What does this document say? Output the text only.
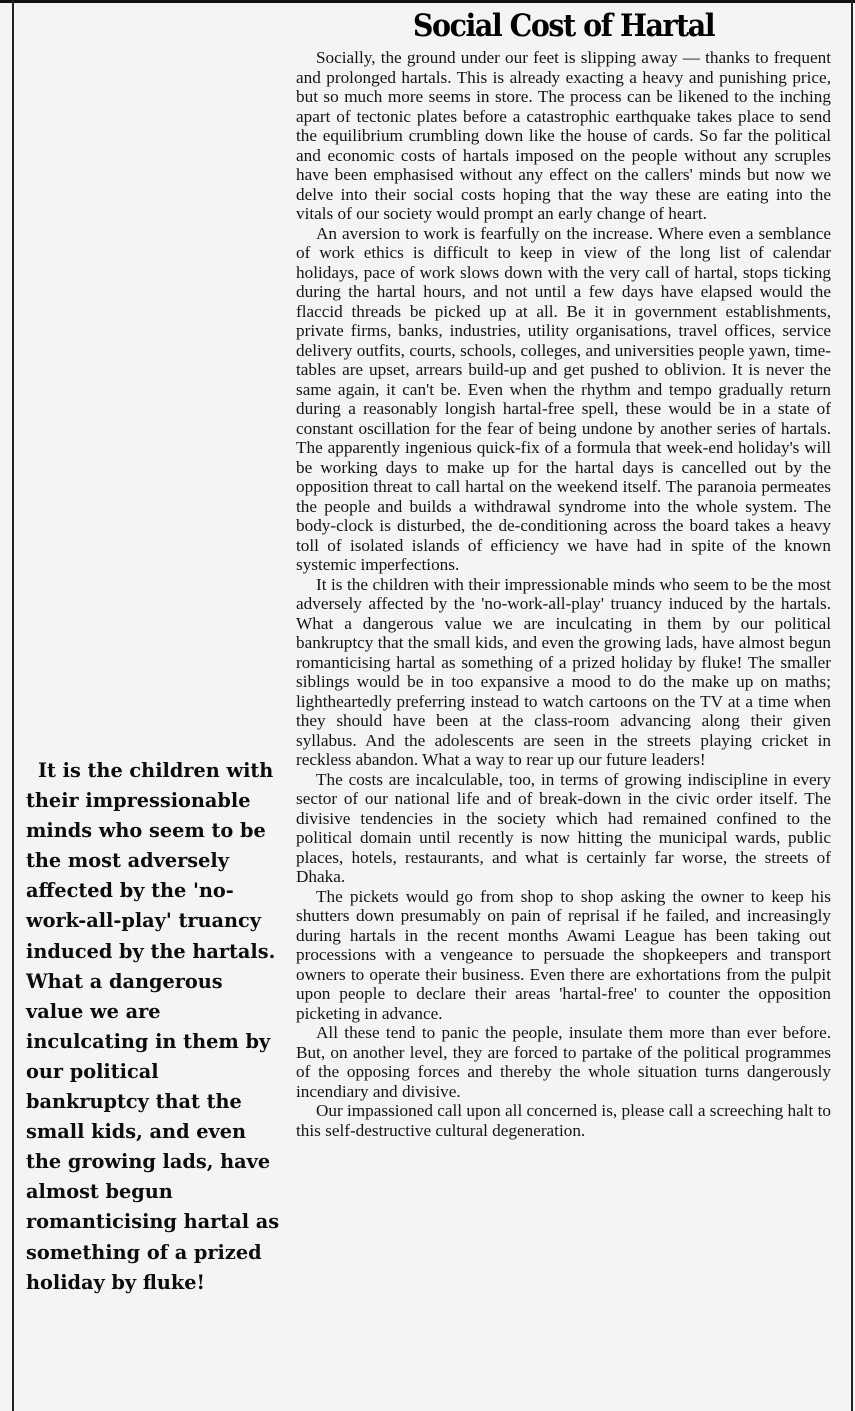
It is the children with their impressionable minds who seem to be the most adversely affected by the 'no-work-all-play' truancy induced by the hartals. What a dangerous value we are inculcating in them by our political bankruptcy that the small kids, and even the growing lads, have almost begun romanticising hartal as something of a prized holiday by fluke!

Social Cost of Hartal

Socially, the ground under our feet is slipping away — thanks to frequent and prolonged hartals. This is already exacting a heavy and punishing price, but so much more seems in store. The process can be likened to the inching apart of tectonic plates before a catastrophic earthquake takes place to send the equilibrium crumbling down like the house of cards. So far the political and economic costs of hartals imposed on the people without any scruples have been emphasised without any effect on the callers' minds but now we delve into their social costs hoping that the way these are eating into the vitals of our society would prompt an early change of heart.

An aversion to work is fearfully on the increase. Where even a semblance of work ethics is difficult to keep in view of the long list of calendar holidays, pace of work slows down with the very call of hartal, stops ticking during the hartal hours, and not until a few days have elapsed would the flaccid threads be picked up at all. Be it in government establishments, private firms, banks, industries, utility organisations, travel offices, service delivery outfits, courts, schools, colleges, and universities people yawn, time-tables are upset, arrears build-up and get pushed to oblivion. It is never the same again, it can't be. Even when the rhythm and tempo gradually return during a reasonably longish hartal-free spell, these would be in a state of constant oscillation for the fear of being undone by another series of hartals. The apparently ingenious quick-fix of a formula that week-end holiday's will be working days to make up for the hartal days is cancelled out by the opposition threat to call hartal on the weekend itself. The paranoia permeates the people and builds a withdrawal syndrome into the whole system. The body-clock is disturbed, the de-conditioning across the board takes a heavy toll of isolated islands of efficiency we have had in spite of the known systemic imperfections.

It is the children with their impressionable minds who seem to be the most adversely affected by the 'no-work-all-play' truancy induced by the hartals. What a dangerous value we are inculcating in them by our political bankruptcy that the small kids, and even the growing lads, have almost begun romanticising hartal as something of a prized holiday by fluke! The smaller siblings would be in too expansive a mood to do the make up on maths; lightheartedly preferring instead to watch cartoons on the TV at a time when they should have been at the class-room advancing along their given syllabus. And the adolescents are seen in the streets playing cricket in reckless abandon. What a way to rear up our future leaders!

The costs are incalculable, too, in terms of growing indiscipline in every sector of our national life and of break-down in the civic order itself. The divisive tendencies in the society which had remained confined to the political domain until recently is now hitting the municipal wards, public places, hotels, restaurants, and what is certainly far worse, the streets of Dhaka.

The pickets would go from shop to shop asking the owner to keep his shutters down presumably on pain of reprisal if he failed, and increasingly during hartals in the recent months Awami League has been taking out processions with a vengeance to persuade the shopkeepers and transport owners to operate their business. Even there are exhortations from the pulpit upon people to declare their areas 'hartal-free' to counter the opposition picketing in advance.

All these tend to panic the people, insulate them more than ever before. But, on another level, they are forced to partake of the political programmes of the opposing forces and thereby the whole situation turns dangerously incendiary and divisive.

Our impassioned call upon all concerned is, please call a screeching halt to this self-destructive cultural degeneration.
